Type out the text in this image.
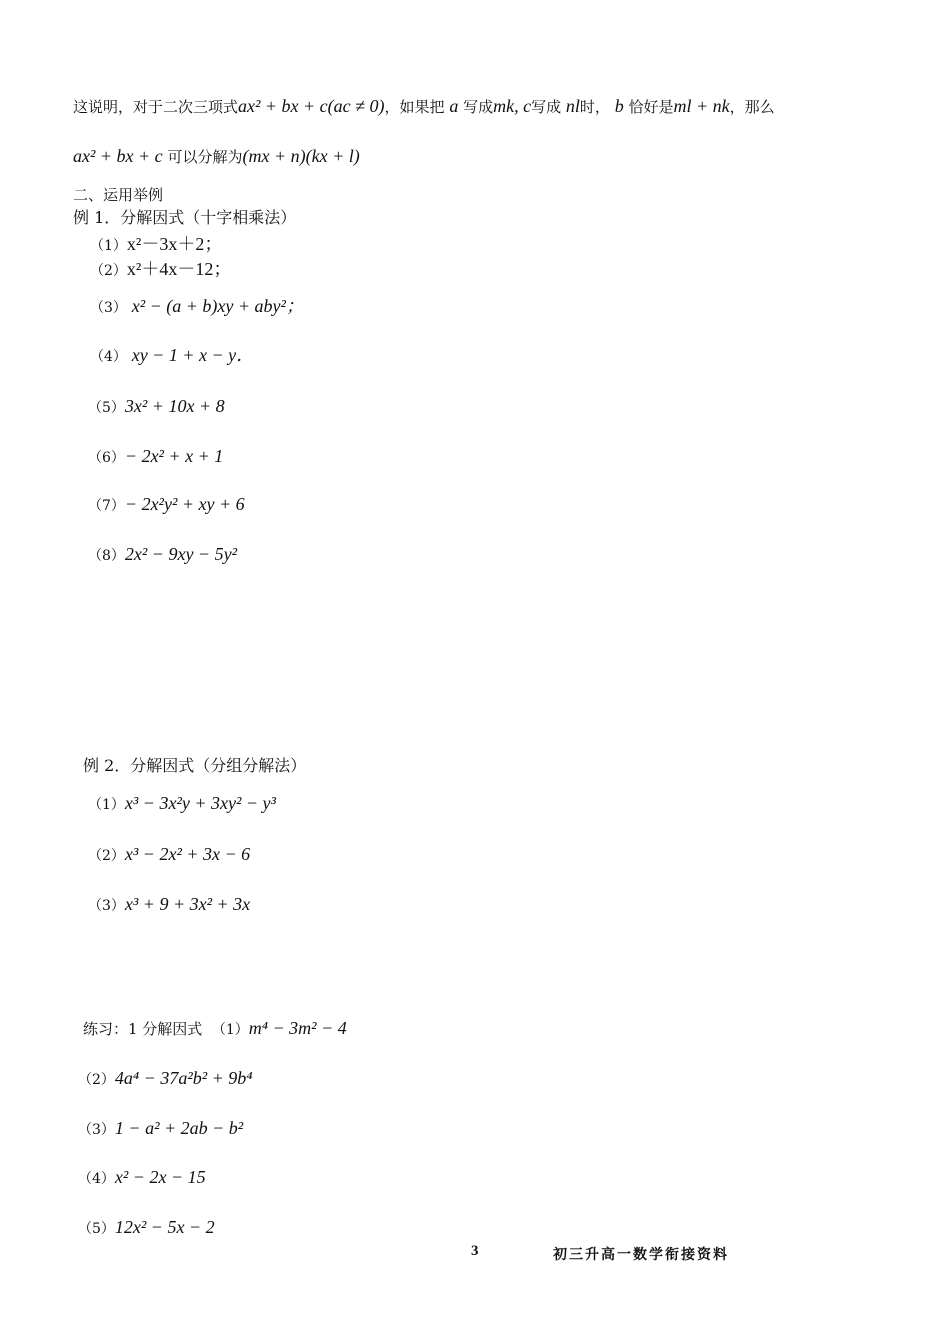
这说明，对于二次三项式ax² + bx + c(ac ≠ 0)，如果把 a 写成mk, c写成 nl时， b 恰好是ml + nk，那么
ax² + bx + c 可以分解为(mx + n)(kx + l)
二、运用举例
例 1．分解因式（十字相乘法）
（1）x²－3x＋2；
（2）x²＋4x－12；
（3） x² − (a + b)xy + aby²；
（4） xy − 1 + x − y．
（5）3x² + 10x + 8
（6）− 2x² + x + 1
（7）− 2x²y² + xy + 6
（8）2x² − 9xy − 5y²
例 2．分解因式（分组分解法）
（1）x³ − 3x²y + 3xy² − y³
（2）x³ − 2x² + 3x − 6
（3）x³ + 9 + 3x² + 3x
练习：1 分解因式 （1）m⁴ − 3m² − 4
（2）4a⁴ − 37a²b² + 9b⁴
（3）1 − a² + 2ab − b²
（4）x² − 2x − 15
（5）12x² − 5x − 2
3	初三升高一数学衔接资料
